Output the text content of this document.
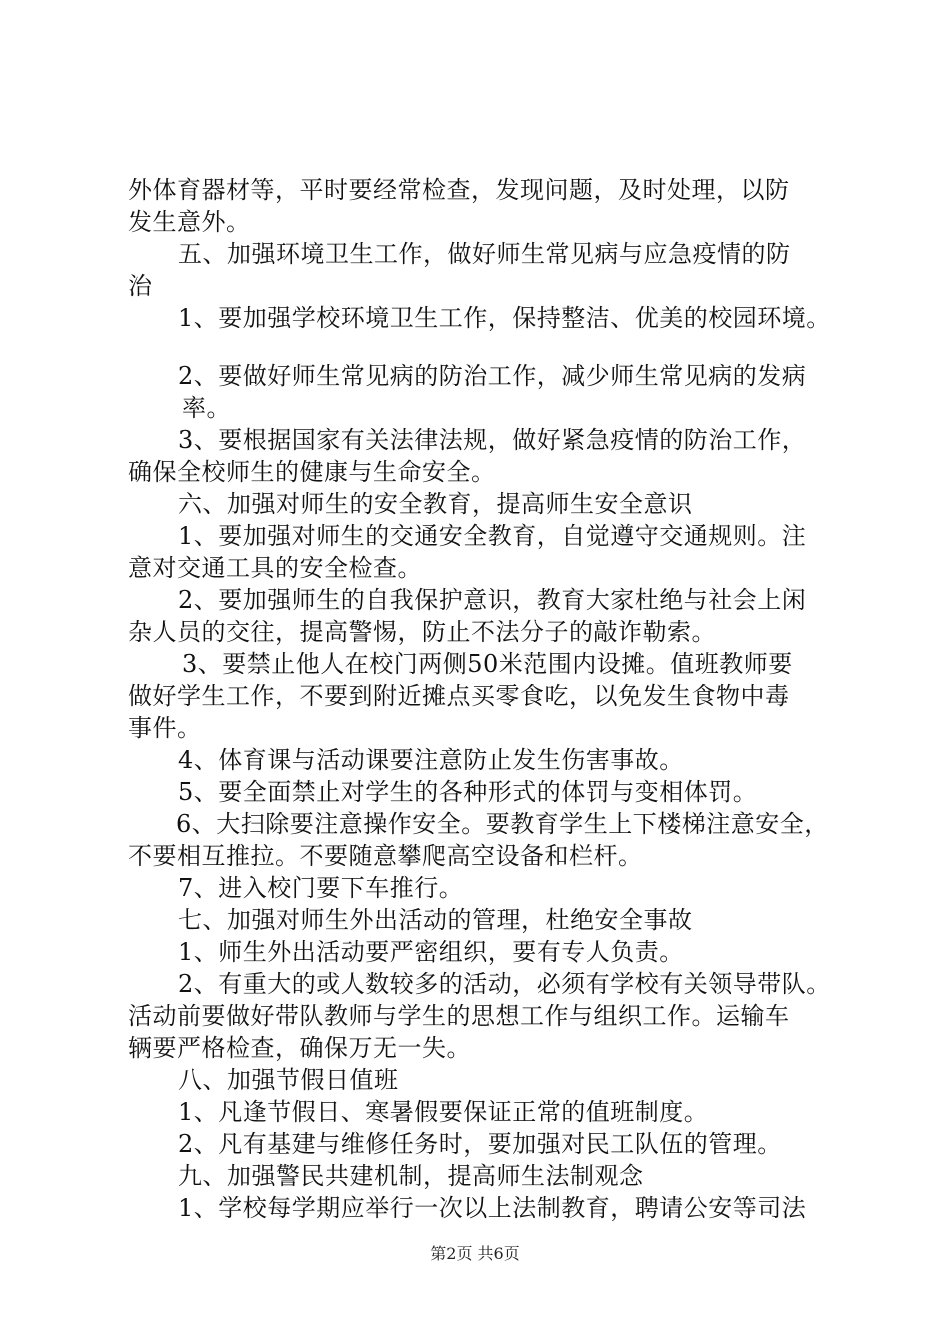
外体育器材等，平时要经常检查，发现问题，及时处理，以防
发生意外。
五、加强环境卫生工作，做好师生常见病与应急疫情的防
治
1、要加强学校环境卫生工作，保持整洁、优美的校园环境。
2、要做好师生常见病的防治工作，减少师生常见病的发病
率。
3、要根据国家有关法律法规，做好紧急疫情的防治工作，
确保全校师生的健康与生命安全。
六、加强对师生的安全教育，提高师生安全意识
1、要加强对师生的交通安全教育，自觉遵守交通规则。注
意对交通工具的安全检查。
2、要加强师生的自我保护意识，教育大家杜绝与社会上闲
杂人员的交往，提高警惕，防止不法分子的敲诈勒索。
3、要禁止他人在校门两侧50米范围内设摊。值班教师要
做好学生工作，不要到附近摊点买零食吃，以免发生食物中毒
事件。
4、体育课与活动课要注意防止发生伤害事故。
5、要全面禁止对学生的各种形式的体罚与变相体罚。
6、大扫除要注意操作安全。要教育学生上下楼梯注意安全，
不要相互推拉。不要随意攀爬高空设备和栏杆。
7、进入校门要下车推行。
七、加强对师生外出活动的管理，杜绝安全事故
1、师生外出活动要严密组织，要有专人负责。
2、有重大的或人数较多的活动，必须有学校有关领导带队。
活动前要做好带队教师与学生的思想工作与组织工作。运输车
辆要严格检查，确保万无一失。
八、加强节假日值班
1、凡逢节假日、寒暑假要保证正常的值班制度。
2、凡有基建与维修任务时，要加强对民工队伍的管理。
九、加强警民共建机制，提高师生法制观念
1、学校每学期应举行一次以上法制教育，聘请公安等司法
第2页 共6页
